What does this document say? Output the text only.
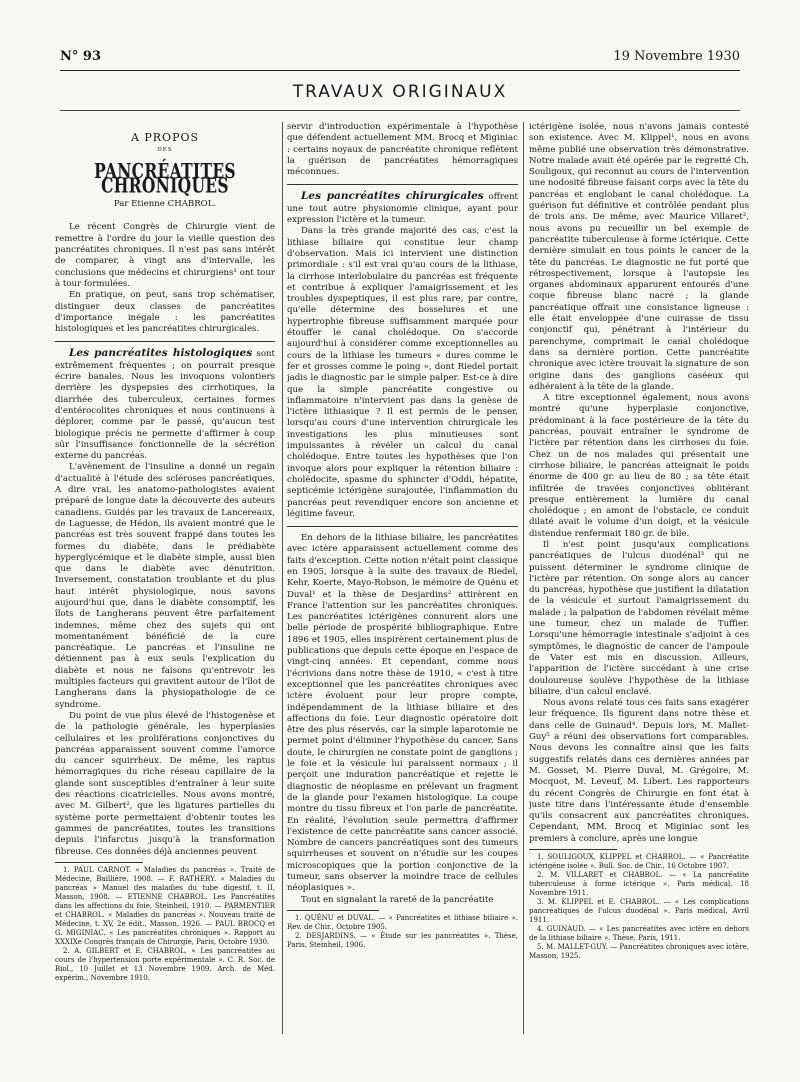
N° 93	19 Novembre 1930
TRAVAUX ORIGINAUX
A PROPOS
DES
PANCRÉATITES CHRONIQUES
Par Etienne CHABROL.

Le récent Congrès de Chirurgie vient de remettre à l'ordre du jour la vieille question des pancréatites chroniques. Il n'est pas sans intérêt de comparer, à vingt ans d'intervalle, les conclusions que médecins et chirurgiens¹ ont tour à tour formulées.

En pratique, on peut, sans trop schématiser, distinguer deux classes de pancréatites d'importance inégale : les pancréatites histologiques et les pancréatites chirurgicales.

Les pancréatites histologiques sont extrêmement fréquentes ; on pourrait presque écrire banales. Nous les invoquons volontiers derrière les dyspepsies des cirrhotiques, la diarrhée des tuberculeux, certaines formes d'entérocolites chroniques et nous continuons à déplorer, comme par le passé, qu'aucun test biologique précis ne permette d'affirmer à coup sûr l'insuffisance fonctionnelle de la sécrétion externe du pancréas.

L'avènement de l'insuline a donné un regain d'actualité à l'étude des scléroses pancréatiques. A dire vrai, les anatomo-pathologistes avaient préparé de longue date la découverte des auteurs canadiens. Guidés par les travaux de Lancereaux, de Laguesse, de Hédon, ils avaient montré que le pancréas est très souvent frappé dans toutes les formes du diabète, dans le prédiabète hyperglycémique et le diabète simple, aussi bien que dans le diabète avec dénutrition. Inversement, constatation troublante et du plus haut intérêt physiologique, nous savons aujourd'hui que, dans le diabète consomptif, les îlots de Langherans peuvent être parfaitement indemnes, même chez des sujets qui ont momentanément bénéficié de la cure pancréatique. Le pancréas et l'insuline ne détiennent pas à eux seuls l'explication du diabète et nous ne faisons qu'entrevoir les multiples facteurs qui gravitent autour de l'îlot de Langherans dans la physiopathologie de ce syndrome.

Du point de vue plus élevé de l'histogenèse et de la pathologie générale, les hyperplasies cellulaires et les proliférations conjonctives du pancréas apparaissent souvent comme l'amorce du cancer squirrheux. De même, les raptus hémorragiques du riche réseau capillaire de la glande sont susceptibles d'entraîner à leur suite des réactions cicatricielles. Nous avons montré, avec M. Gilbert², que les ligatures partielles du système porte permettaient d'obtenir toutes les gammes de pancréatites, toutes les transitions depuis l'infarctus jusqu'à la transformation fibreuse. Ces données déjà anciennes peuvent

1. PAUL CARNOT. « Maladies du pancréas ». Traité de Médecine, Baillière, 1908. — F. RATHERY. « Maladies du pancréas » Manuel des maladies du tube digestif, t. II, Masson, 1908. — ETIENNE CHABROL. Les Pancréatites dans les affections du foie, Steinheil, 1910. — PARMENTIER et CHABROL. « Maladies du pancréas ». Nouveau traité de Médecine, t. XV, 2e édit., Masson, 1926. — PAUL BROCQ et G. MIGINIAC. « Les pancréatites chroniques ». Rapport au XXXIXe Congrès français de Chirurgie, Paris, Octobre 1930.

2. A. GILBERT et E. CHABROL. « Les pancréatites au cours de l'hypertension porte expérimentale ». C. R. Soc. de Biol., 10 Juillet et 13 Novembre 1909. Arch. de Méd. expérim., Novembre 1910.

servir d'introduction expérimentale à l'hypothèse que défendent actuellement MM. Brocq et Miginiac : certains noyaux de pancréatite chronique reflètent la guérison de pancréatites hémorragiques méconnues.

Les pancréatites chirurgicales offrent une tout autre physionomie clinique, ayant pour expression l'ictère et la tumeur.

Dans la très grande majorité des cas, c'est la lithiase biliaire qui constitue leur champ d'observation. Mais ici intervient une distinction primordiale : s'il est vrai qu'au cours de la lithiase, la cirrhose interlobulaire du pancréas est fréquente et contribue à expliquer l'amaigrissement et les troubles dyspeptiques, il est plus rare, par contre, qu'elle détermine des bosselures et une hypertrophie fibreuse suffisamment marquée pour étouffer le canal cholédoque. On s'accorde aujourd'hui à considérer comme exceptionnelles au cours de la lithiase les tumeurs « dures comme le fer et grosses comme le poing », dont Riedel portait jadis le diagnostic par le simple palper. Est-ce à dire que la simple pancréatite congestive ou inflammatoire n'intervient pas dans la genèse de l'ictère lithiasique ? Il est permis de le penser, lorsqu'au cours d'une intervention chirurgicale les investigations les plus minutieuses sont impuissantes à révéler un calcul du canal cholédoque. Entre toutes les hypothèses que l'on invoque alors pour expliquer la rétention biliaire : cholédocite, spasme du sphincter d'Oddi, hépatite, septicémie ictérigène surajoutée, l'inflammation du pancréas peut revendiquer encore son ancienne et légitime faveur.

En dehors de la lithiase biliaire, les pancréatites avec ictère apparaissent actuellement comme des faits d'exception. Cette notion n'était point classique en 1905, lorsque à la suite des travaux de Riedel, Kehr, Koerte, Mayo-Robson, le mémoire de Quénu et Duval¹ et la thèse de Desjardins² attirèrent en France l'attention sur les pancréatites chroniques. Les pancréatites ictérigènes connurent alors une belle période de prospérité bibliographique. Entre 1896 et 1905, elles inspirèrent certainement plus de publications que depuis cette époque en l'espace de vingt-cinq années. Et cependant, comme nous l'écrivions dans notre thèse de 1910, « c'est à titre exceptionnel que les pancréatites chroniques avec ictère évoluent pour leur propre compte, indépendamment de la lithiase biliaire et des affections du foie. Leur diagnostic opératoire doit être des plus réservés, car la simple laparotomie ne permet point d'éliminer l'hypothèse du cancer. Sans doute, le chirurgien ne constate point de ganglions ; le foie et la vésicule lui paraissent normaux ; il perçoit une induration pancréatique et rejette le diagnostic de néoplasme en prélevant un fragment de la glande pour l'examen histologique. La coupe montre du tissu fibreux et l'on parle de pancréatite. En réalité, l'évolution seule permettra d'affirmer l'existence de cette pancréatite sans cancer associé. Nombre de cancers pancréatiques sont des tumeurs squirrheuses et souvent on n'étudie sur les coupes microscopiques que la portion conjonctive de la tumeur, sans observer la moindre trace de cellules néoplasiques ».

Tout en signalant la rareté de la pancréatite

1. QUÉNU et DUVAL. — « Pancréatites et lithiase biliaire ». Rev. de Chir., Octobre 1905.

2. DESJARDINS. — « Étude sur les pancréatites ». Thèse, Paris, Steinheil, 1906.

ictérigène isolée, nous n'avons jamais contesté son existence. Avec M. Klippel¹, nous en avons même publié une observation très démonstrative. Notre malade avait été opérée par le regretté Ch. Souligoux, qui reconnut au cours de l'intervention une nodosité fibreuse faisant corps avec la tête du pancréas et englobant le canal cholédoque. La guérison fut définitive et contrôlée pendant plus de trois ans. De même, avec Maurice Villaret², nous avons pu recueillir un bel exemple de pancréatite tuberculeuse à forme ictérique. Cette dernière simulait en tous points le cancer de la tête du pancréas. Le diagnostic ne fut porté que rétrospectivement, lorsque à l'autopsie les organes abdominaux apparurent entourés d'une coque fibreuse blanc nacré ; la glande pancréatique offrait une consistance ligneuse : elle était enveloppée d'une cuirasse de tissu conjonctif qui, pénétrant à l'intérieur du parenchyme, comprimait le canal cholédoque dans sa dernière portion. Cette pancréatite chronique avec ictère trouvait la signature de son origine dans des ganglions caséeux qui adhéraient à la tête de la glande.

A titre exceptionnel également, nous avons montré qu'une hyperplasie conjonctive, prédominant à la face postérieure de la tête du pancréas, pouvait entraîner le syndrome de l'ictère par rétention dans les cirrhoses du foie. Chez un de nos malades qui présentait une cirrhose biliaire, le pancréas atteignait le poids énorme de 400 gr. au lieu de 80 ; sa tête était infiltrée de travées conjonctives oblitérant presque entièrement la lumière du canal cholédoque ; en amont de l'obstacle, ce conduit dilaté avait le volume d'un doigt, et la vésicule distendue renfermait 180 gr. de bile.

Il n'est point jusqu'aux complications pancréatiques de l'ulcus duodénal³ qui ne puissent déterminer le syndrome clinique de l'ictère par rétention. On songe alors au cancer du pancréas, hypothèse que justifient la dilatation de la vésicule et surtout l'amaigrissement du malade ; la palpation de l'abdomen révélait même une tumeur, chez un malade de Tuffier. Lorsqu'une hémorragie intestinale s'adjoint à ces symptômes, le diagnostic de cancer de l'ampoule de Vater est mis en discussion. Ailleurs, l'apparition de l'ictère succédant à une crise douloureuse soulève l'hypothèse de la lithiase biliaire, d'un calcul enclavé.

Nous avons relaté tous ces faits sans exagérer leur fréquence. Ils figurent dans notre thèse et dans celle de Guinaud⁴. Depuis lors, M. Mallet-Guy⁵ a réuni des observations fort comparables. Nous devons les connaître ainsi que les faits suggestifs relatés dans ces dernières années par M. Gosset, M. Pierre Duval, M. Grégoire, M. Mocquot, M. Leveuf, M. Libert. Les rapporteurs du récent Congrès de Chirurgie en font état à juste titre dans l'intéressante étude d'ensemble qu'ils consacrent aux pancréatites chroniques. Cependant, MM. Brocq et Miginiac sont les premiers à conclure, après une longue

1. SOULIGOUX, KLIPPEL et CHABROL. — « Pancréatite ictérigène isolée ». Bull. Soc. de Chir., 16 Octobre 1907.

2. M. VILLARET et CHABROL. — « La pancréatite tuberculeuse à forme ictérique ». Paris médical, 18 Novembre 1911.

3. M. KLIPPEL et E. CHABROL. — « Les complications pancréatiques de l'ulcus duodénal ». Paris médical, Avril 1911.

4. GUINAUD. — « Les pancréatites avec ictère en dehors de la lithiase biliaire ». Thèse, Paris, 1911.

5. M. MALLET-GUY. — Pancréatites chroniques avec ictère, Masson, 1925.
